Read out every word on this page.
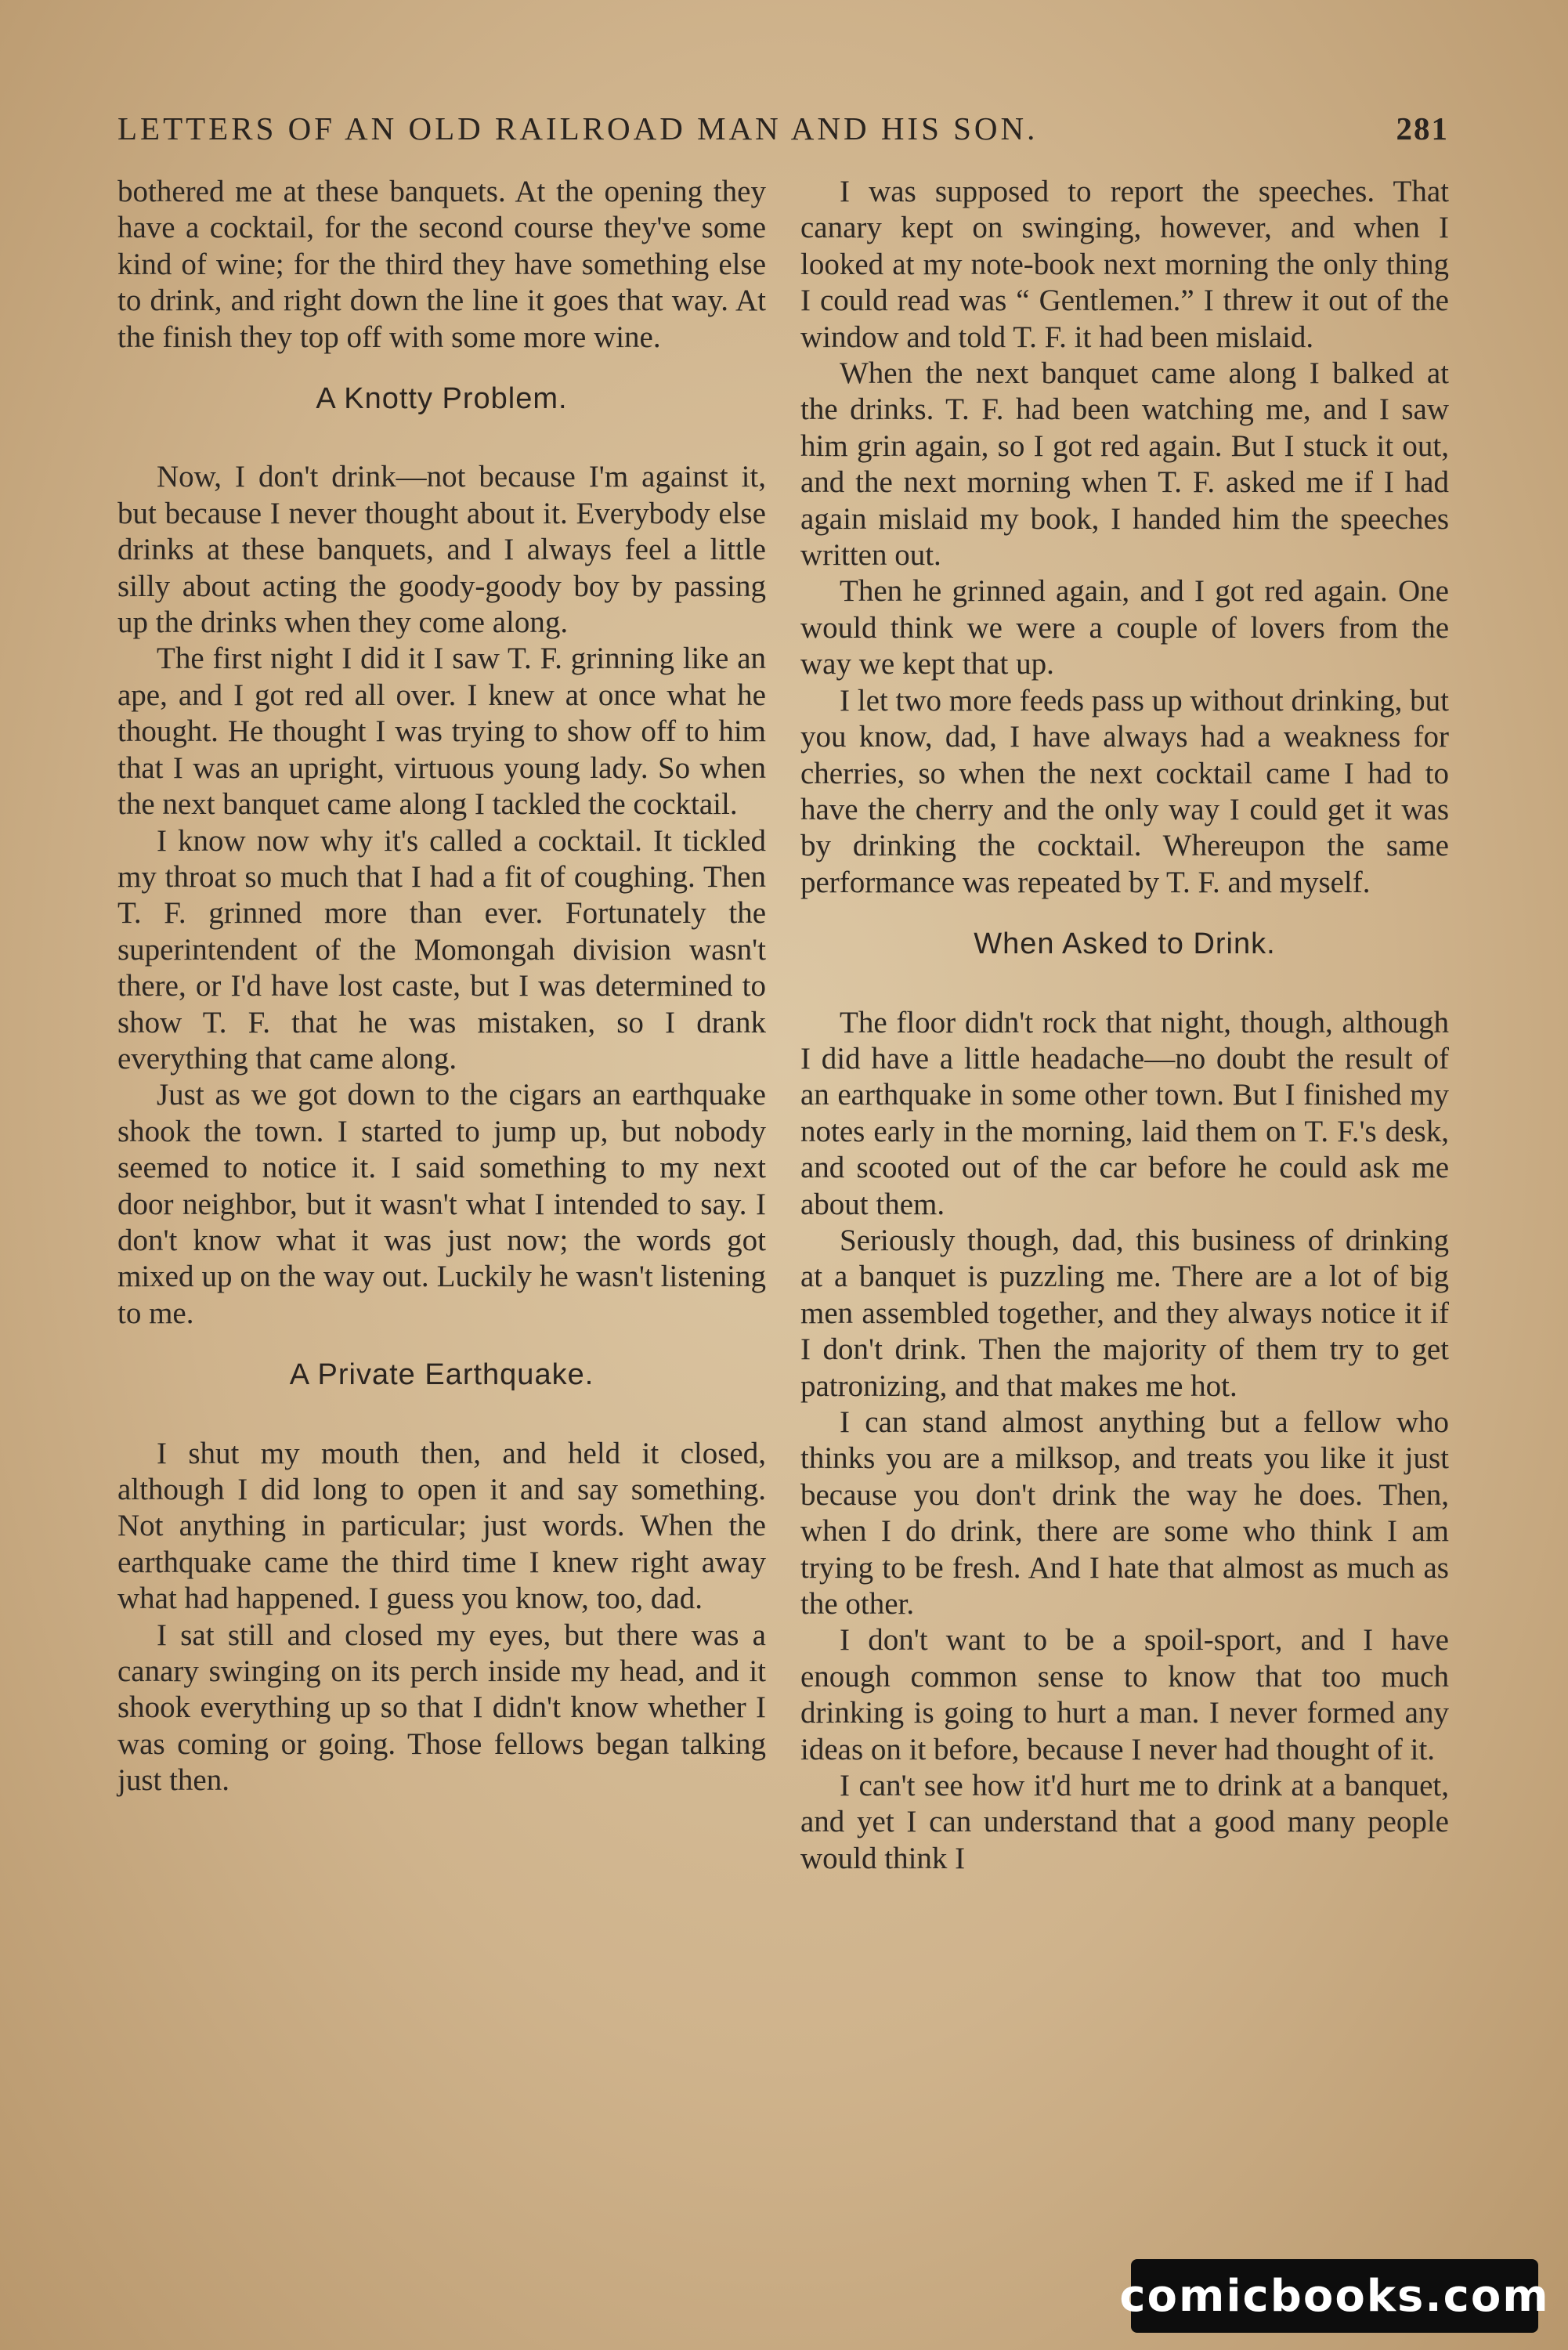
LETTERS OF AN OLD RAILROAD MAN AND HIS SON.	281

bothered me at these banquets. At the opening they have a cocktail, for the second course they've some kind of wine; for the third they have something else to drink, and right down the line it goes that way. At the finish they top off with some more wine.

A Knotty Problem.

Now, I don't drink—not because I'm against it, but because I never thought about it. Everybody else drinks at these banquets, and I always feel a little silly about acting the goody-goody boy by passing up the drinks when they come along.

The first night I did it I saw T. F. grinning like an ape, and I got red all over. I knew at once what he thought. He thought I was trying to show off to him that I was an upright, virtuous young lady. So when the next banquet came along I tackled the cocktail.

I know now why it's called a cocktail. It tickled my throat so much that I had a fit of coughing. Then T. F. grinned more than ever. Fortunately the superintendent of the Momongah division wasn't there, or I'd have lost caste, but I was determined to show T. F. that he was mistaken, so I drank everything that came along.

Just as we got down to the cigars an earthquake shook the town. I started to jump up, but nobody seemed to notice it. I said something to my next door neighbor, but it wasn't what I intended to say. I don't know what it was just now; the words got mixed up on the way out. Luckily he wasn't listening to me.

A Private Earthquake.

I shut my mouth then, and held it closed, although I did long to open it and say something. Not anything in particular; just words. When the earthquake came the third time I knew right away what had happened. I guess you know, too, dad.

I sat still and closed my eyes, but there was a canary swinging on its perch inside my head, and it shook everything up so that I didn't know whether I was coming or going. Those fellows began talking just then.

I was supposed to report the speeches. That canary kept on swinging, however, and when I looked at my note-book next morning the only thing I could read was “ Gentlemen.” I threw it out of the window and told T. F. it had been mislaid.

When the next banquet came along I balked at the drinks. T. F. had been watching me, and I saw him grin again, so I got red again. But I stuck it out, and the next morning when T. F. asked me if I had again mislaid my book, I handed him the speeches written out.

Then he grinned again, and I got red again. One would think we were a couple of lovers from the way we kept that up.

I let two more feeds pass up without drinking, but you know, dad, I have always had a weakness for cherries, so when the next cocktail came I had to have the cherry and the only way I could get it was by drinking the cocktail. Whereupon the same performance was repeated by T. F. and myself.

When Asked to Drink.

The floor didn't rock that night, though, although I did have a little headache—no doubt the result of an earthquake in some other town. But I finished my notes early in the morning, laid them on T. F.'s desk, and scooted out of the car before he could ask me about them.

Seriously though, dad, this business of drinking at a banquet is puzzling me. There are a lot of big men assembled together, and they always notice it if I don't drink. Then the majority of them try to get patronizing, and that makes me hot.

I can stand almost anything but a fellow who thinks you are a milksop, and treats you like it just because you don't drink the way he does. Then, when I do drink, there are some who think I am trying to be fresh. And I hate that almost as much as the other.

I don't want to be a spoil-sport, and I have enough common sense to know that too much drinking is going to hurt a man. I never formed any ideas on it before, because I never had thought of it.

I can't see how it'd hurt me to drink at a banquet, and yet I can understand that a good many people would think I

comicbooks.com
